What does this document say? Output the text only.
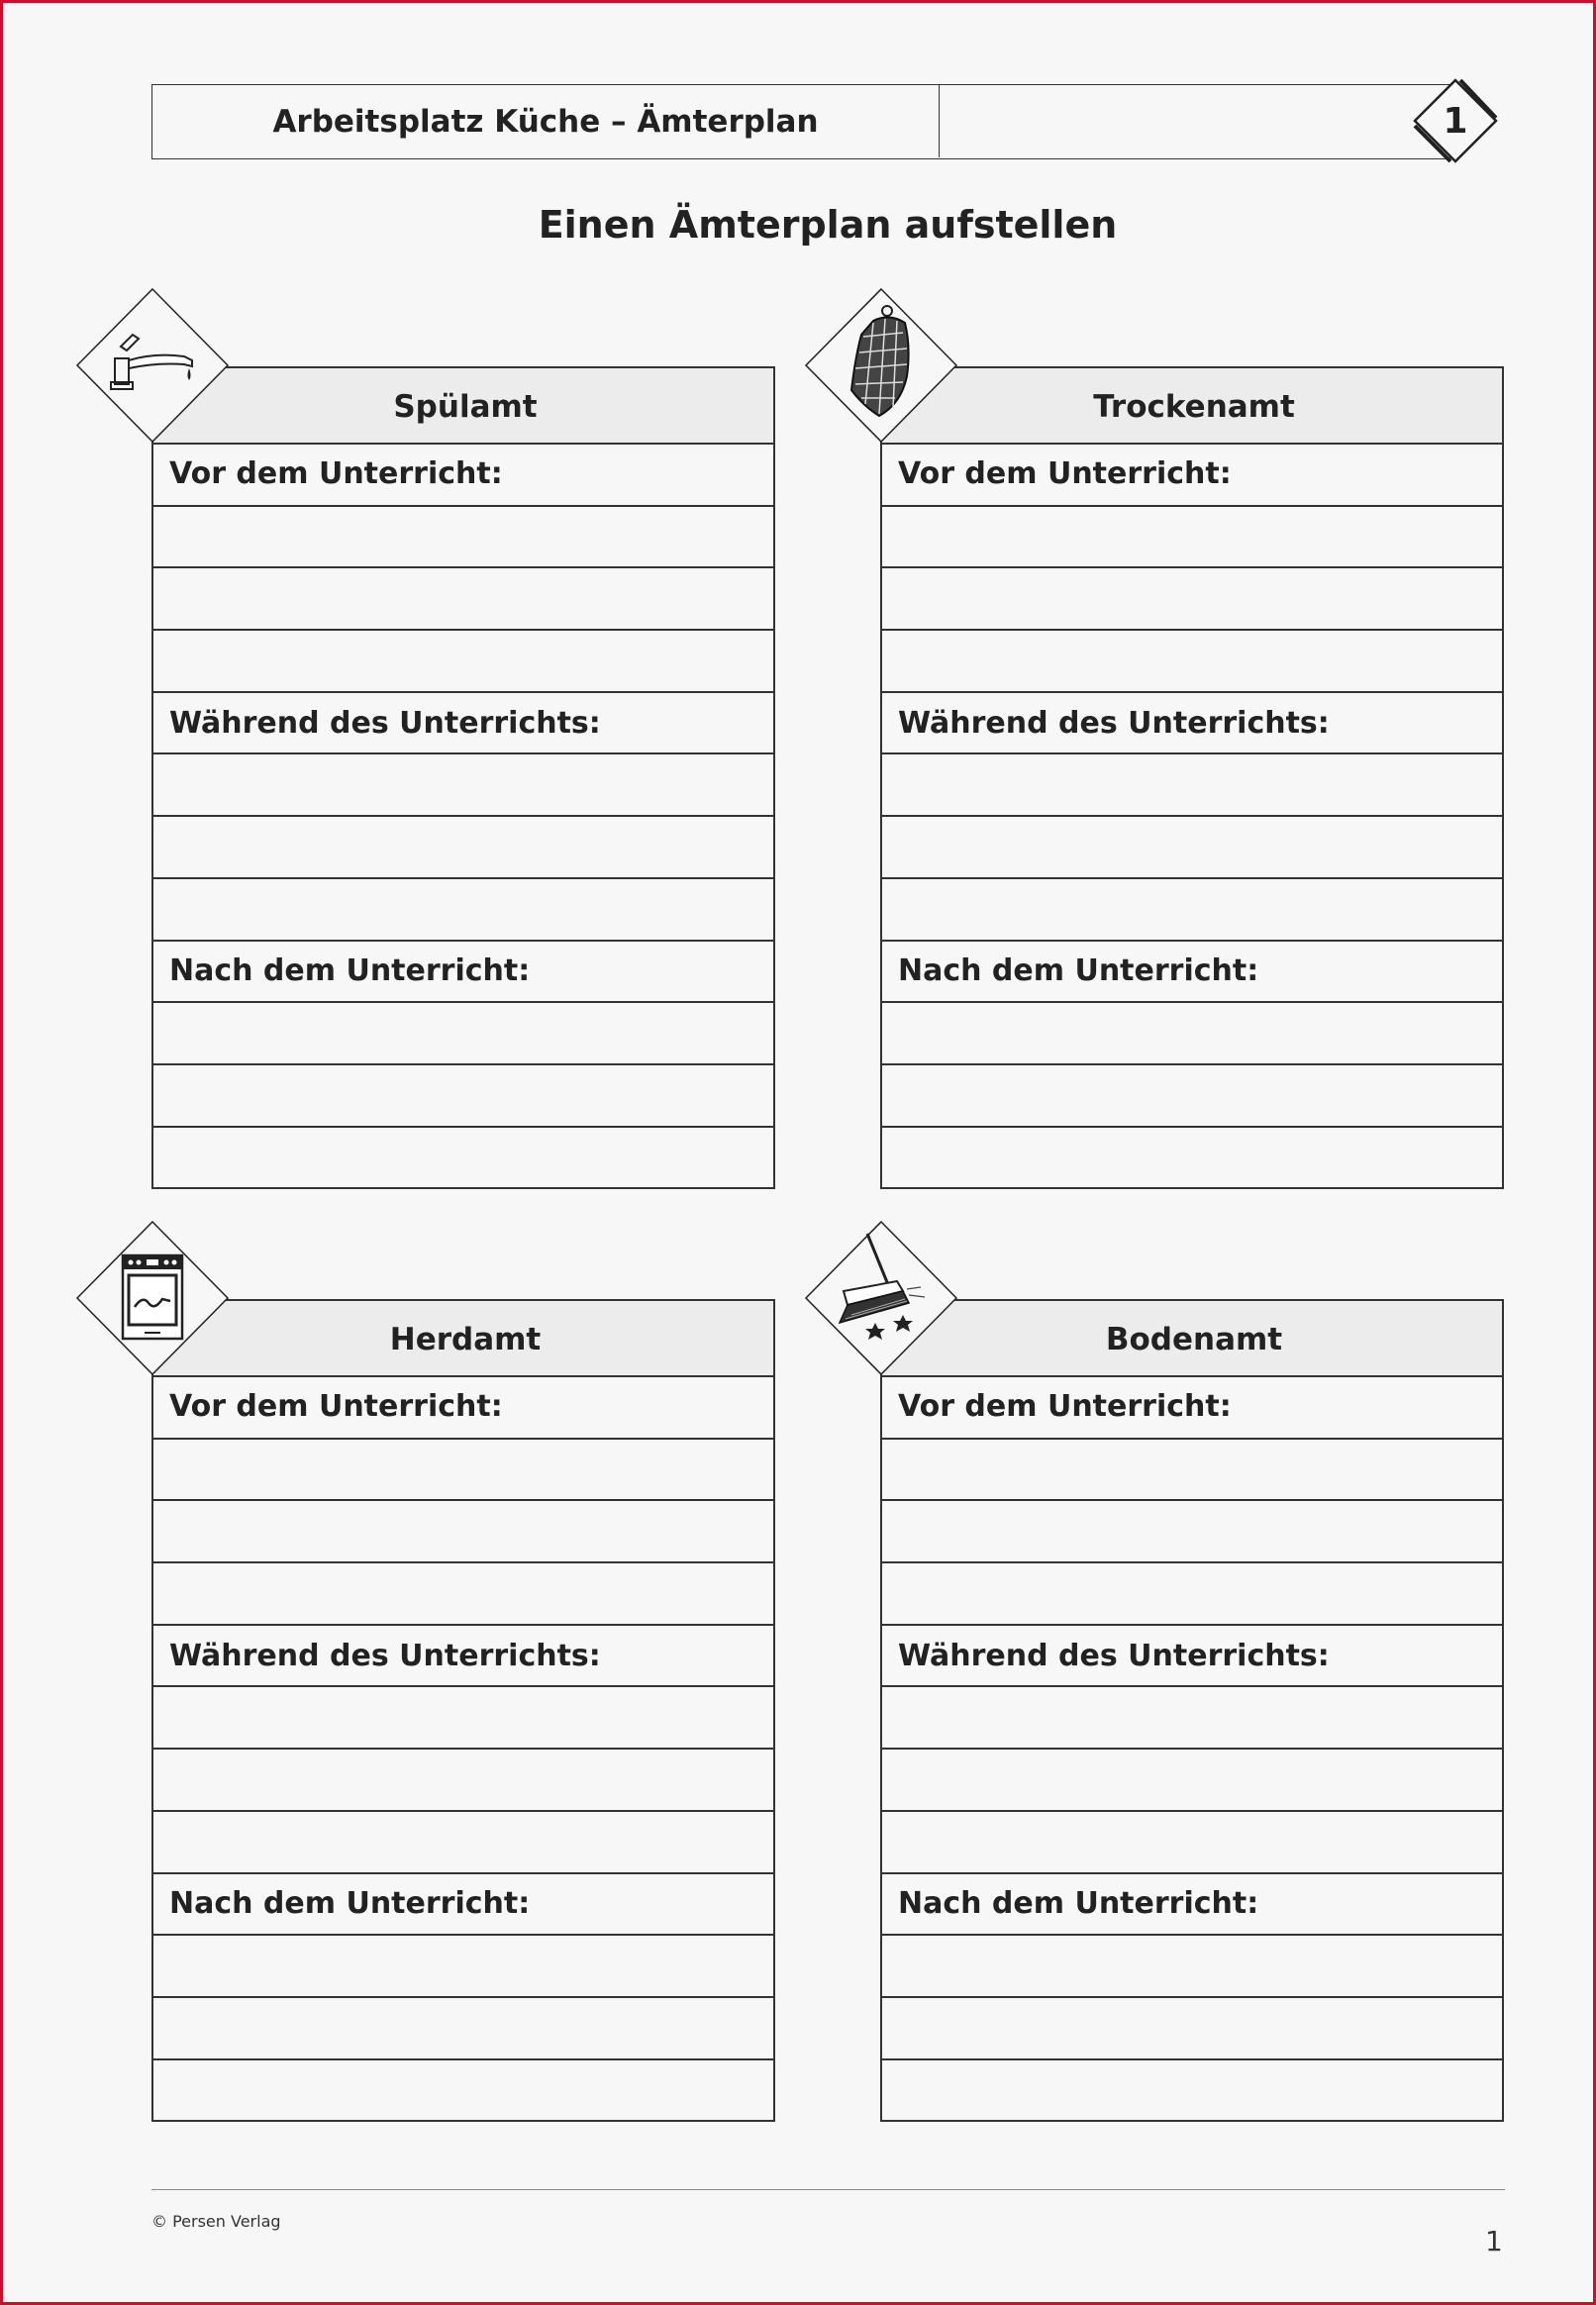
Arbeitsplatz Küche – Ämterplan	1
Einen Ämterplan aufstellen
Spülamt
Vor dem Unterricht:
Während des Unterrichts:
Nach dem Unterricht:
Trockenamt
Vor dem Unterricht:
Während des Unterrichts:
Nach dem Unterricht:
Herdamt
Vor dem Unterricht:
Während des Unterrichts:
Nach dem Unterricht:
Bodenamt
Vor dem Unterricht:
Während des Unterrichts:
Nach dem Unterricht:
© Persen Verlag
1
